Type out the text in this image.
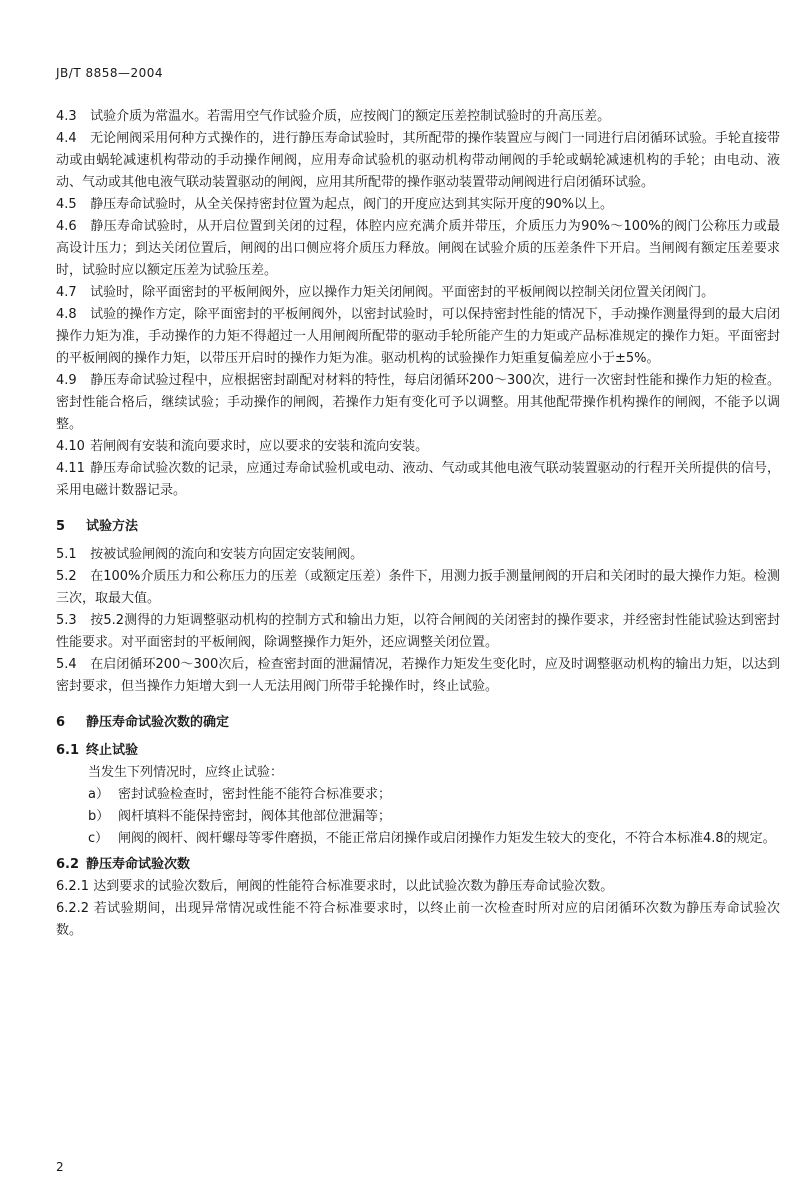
JB/T 8858—2004

4.3 试验介质为常温水。若需用空气作试验介质，应按阀门的额定压差控制试验时的升高压差。

4.4 无论闸阀采用何种方式操作的，进行静压寿命试验时，其所配带的操作装置应与阀门一同进行启闭循环试验。手轮直接带动或由蜗轮减速机构带动的手动操作闸阀，应用寿命试验机的驱动机构带动闸阀的手轮或蜗轮减速机构的手轮；由电动、液动、气动或其他电液气联动装置驱动的闸阀，应用其所配带的操作驱动装置带动闸阀进行启闭循环试验。

4.5 静压寿命试验时，从全关保持密封位置为起点，阀门的开度应达到其实际开度的90%以上。

4.6 静压寿命试验时，从开启位置到关闭的过程，体腔内应充满介质并带压，介质压力为90%～100%的阀门公称压力或最高设计压力；到达关闭位置后，闸阀的出口侧应将介质压力释放。闸阀在试验介质的压差条件下开启。当闸阀有额定压差要求时，试验时应以额定压差为试验压差。

4.7 试验时，除平面密封的平板闸阀外，应以操作力矩关闭闸阀。平面密封的平板闸阀以控制关闭位置关闭阀门。

4.8 试验的操作方定，除平面密封的平板闸阀外，以密封试验时，可以保持密封性能的情况下，手动操作测量得到的最大启闭操作力矩为准，手动操作的力矩不得超过一人用闸阀所配带的驱动手轮所能产生的力矩或产品标准规定的操作力矩。平面密封的平板闸阀的操作力矩，以带压开启时的操作力矩为准。驱动机构的试验操作力矩重复偏差应小于±5%。

4.9 静压寿命试验过程中，应根据密封副配对材料的特性，每启闭循环200～300次，进行一次密封性能和操作力矩的检查。密封性能合格后，继续试验；手动操作的闸阀，若操作力矩有变化可予以调整。用其他配带操作机构操作的闸阀，不能予以调整。

4.10 若闸阀有安装和流向要求时，应以要求的安装和流向安装。

4.11 静压寿命试验次数的记录，应通过寿命试验机或电动、液动、气动或其他电液气联动装置驱动的行程开关所提供的信号，采用电磁计数器记录。

5 试验方法

5.1 按被试验闸阀的流向和安装方向固定安装闸阀。

5.2 在100%介质压力和公称压力的压差（或额定压差）条件下，用测力扳手测量闸阀的开启和关闭时的最大操作力矩。检测三次，取最大值。

5.3 按5.2测得的力矩调整驱动机构的控制方式和输出力矩，以符合闸阀的关闭密封的操作要求，并经密封性能试验达到密封性能要求。对平面密封的平板闸阀，除调整操作力矩外，还应调整关闭位置。

5.4 在启闭循环200～300次后，检查密封面的泄漏情况，若操作力矩发生变化时，应及时调整驱动机构的输出力矩，以达到密封要求，但当操作力矩增大到一人无法用阀门所带手轮操作时，终止试验。

6 静压寿命试验次数的确定
6.1 终止试验
当发生下列情况时，应终止试验：
a） 密封试验检查时，密封性能不能符合标准要求；
b） 阀杆填料不能保持密封，阀体其他部位泄漏等；
c） 闸阀的阀杆、阀杆螺母等零件磨损，不能正常启闭操作或启闭操作力矩发生较大的变化，不符合本标准4.8的规定。
6.2 静压寿命试验次数

6.2.1 达到要求的试验次数后，闸阀的性能符合标准要求时，以此试验次数为静压寿命试验次数。

6.2.2 若试验期间，出现异常情况或性能不符合标准要求时，以终止前一次检查时所对应的启闭循环次数为静压寿命试验次数。

2
